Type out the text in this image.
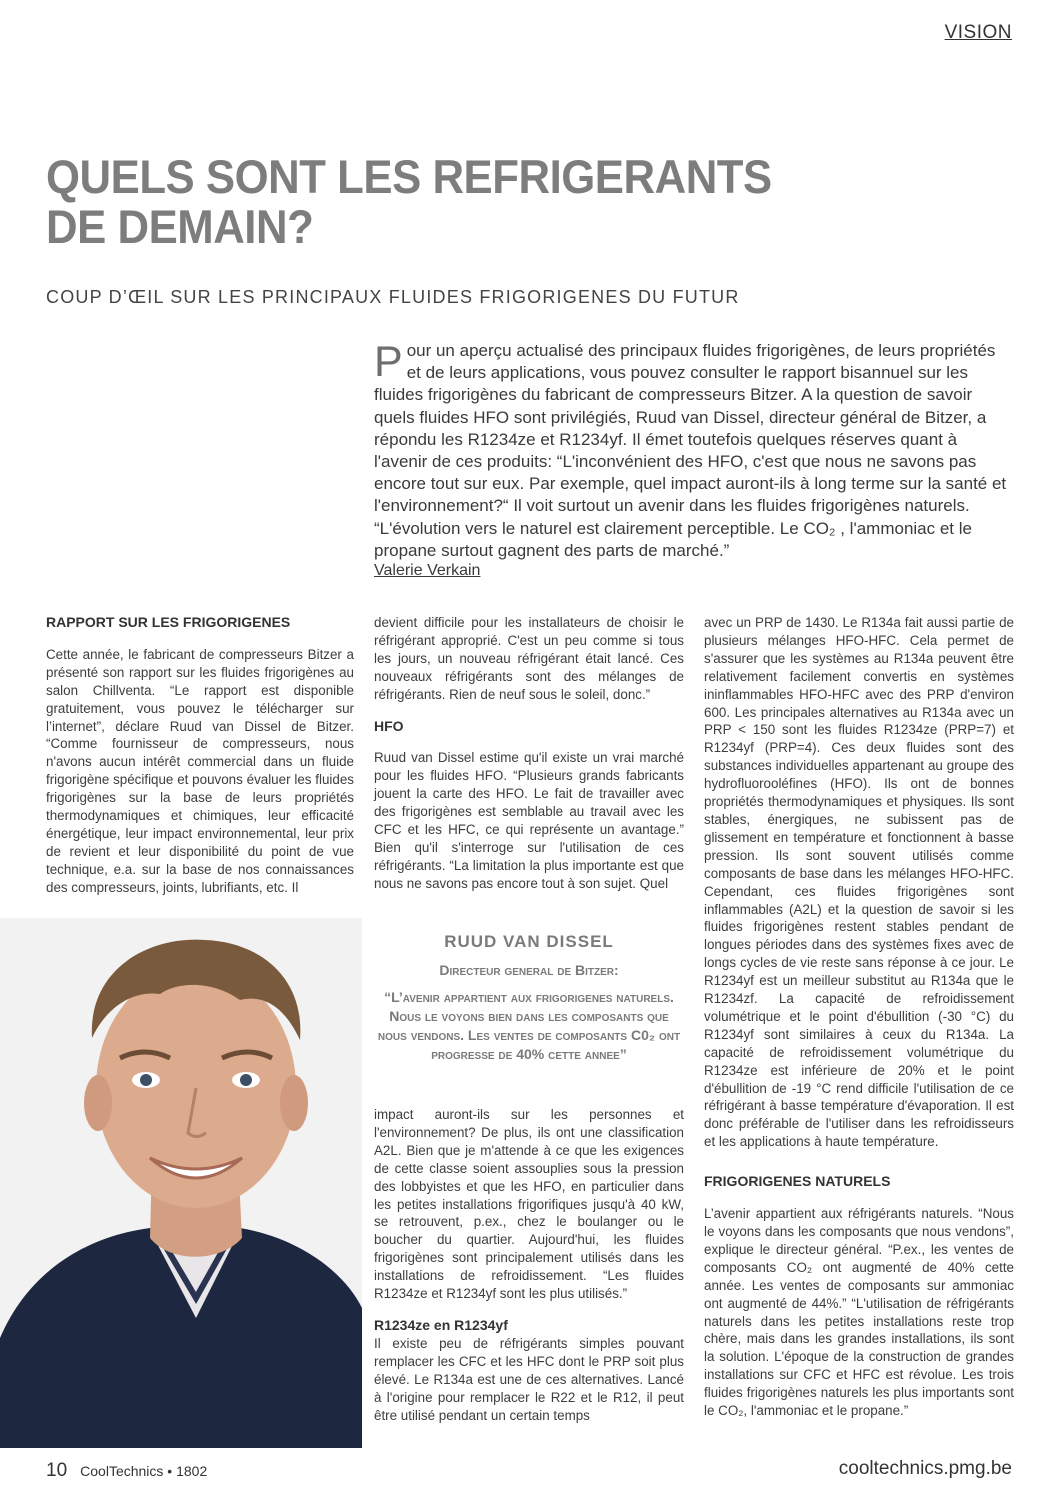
VISION
QUELS SONT LES REFRIGERANTS
DE DEMAIN?
COUP D’ŒIL SUR LES PRINCIPAUX FLUIDES FRIGORIGENES DU FUTUR
P our un aperçu actualisé des principaux fluides frigorigènes, de leurs propriétés et de leurs applications, vous pouvez consulter le rapport bisannuel sur les fluides frigorigènes du fabricant de compresseurs Bitzer. A la question de savoir quels fluides HFO sont privilégiés, Ruud van Dissel, directeur général de Bitzer, a répondu les R1234ze et R1234yf. Il émet toutefois quelques réserves quant à l'avenir de ces produits: “L'inconvénient des HFO, c'est que nous ne savons pas encore tout sur eux. Par exemple, quel impact auront-ils à long terme sur la santé et l'environnement?“ Il voit surtout un avenir dans les fluides frigorigènes naturels. “L'évolution vers le naturel est clairement perceptible. Le CO₂ , l'ammoniac et le propane surtout gagnent des parts de marché.”
Valerie Verkain

RAPPORT SUR LES FRIGORIGENES

Cette année, le fabricant de compresseurs Bitzer a présenté son rapport sur les fluides frigorigènes au salon Chillventa. “Le rapport est disponible gratuitement, vous pouvez le télécharger sur l’internet”, déclare Ruud van Dissel de Bitzer. “Comme fournisseur de compresseurs, nous n'avons aucun intérêt commercial dans un fluide frigorigène spécifique et pouvons évaluer les fluides frigorigènes sur la base de leurs propriétés thermodynamiques et chimiques, leur efficacité énergétique, leur impact environnemental, leur prix de revient et leur disponibilité du point de vue technique, e.a. sur la base de nos connaissances des compresseurs, joints, lubrifiants, etc. Il

devient difficile pour les installateurs de choisir le réfrigérant approprié. C'est un peu comme si tous les jours, un nouveau réfrigérant était lancé. Ces nouveaux réfrigérants sont des mélanges de réfrigérants. Rien de neuf sous le soleil, donc.”

HFO

Ruud van Dissel estime qu'il existe un vrai marché pour les fluides HFO. “Plusieurs grands fabricants jouent la carte des HFO. Le fait de travailler avec des frigorigènes est semblable au travail avec les CFC et les HFC, ce qui représente un avantage.” Bien qu'il s'interroge sur l'utilisation de ces réfrigérants. “La limitation la plus importante est que nous ne savons pas encore tout à son sujet. Quel

RUUD VAN DISSEL

Directeur general de Bitzer:

“L’avenir appartient aux frigorigenes naturels. Nous le voyons bien dans les composants que nous vendons. Les ventes de composants C0₂ ont progresse de 40% cette annee”

impact auront-ils sur les personnes et l'environnement? De plus, ils ont une classification A2L. Bien que je m'attende à ce que les exigences de cette classe soient assouplies sous la pression des lobbyistes et que les HFO, en particulier dans les petites installations frigorifiques jusqu'à 40 kW, se retrouvent, p.ex., chez le boulanger ou le boucher du quartier. Aujourd'hui, les fluides frigorigènes sont principalement utilisés dans les installations de refroidissement. “Les fluides R1234ze et R1234yf sont les plus utilisés.”

R1234ze en R1234yf

Il existe peu de réfrigérants simples pouvant remplacer les CFC et les HFC dont le PRP soit plus élevé. Le R134a est une de ces alternatives. Lancé à l'origine pour remplacer le R22 et le R12, il peut être utilisé pendant un certain temps

avec un PRP de 1430. Le R134a fait aussi partie de plusieurs mélanges HFO-HFC. Cela permet de s'assurer que les systèmes au R134a peuvent être relativement facilement convertis en systèmes ininflammables HFO-HFC avec des PRP d'environ 600. Les principales alternatives au R134a avec un PRP < 150 sont les fluides R1234ze (PRP=7) et R1234yf (PRP=4). Ces deux fluides sont des substances individuelles appartenant au groupe des hydrofluorooléfines (HFO). Ils ont de bonnes propriétés thermodynamiques et physiques. Ils sont stables, énergiques, ne subissent pas de glissement en température et fonctionnent à basse pression. Ils sont souvent utilisés comme composants de base dans les mélanges HFO-HFC. Cependant, ces fluides frigorigènes sont inflammables (A2L) et la question de savoir si les fluides frigorigènes restent stables pendant de longues périodes dans des systèmes fixes avec de longs cycles de vie reste sans réponse à ce jour. Le R1234yf est un meilleur substitut au R134a que le R1234zf. La capacité de refroidissement volumétrique et le point d'ébullition (-30 °C) du R1234yf sont similaires à ceux du R134a. La capacité de refroidissement volumétrique du R1234ze est inférieure de 20% et le point d'ébullition de -19 °C rend difficile l'utilisation de ce réfrigérant à basse température d'évaporation. Il est donc préférable de l'utiliser dans les refroidisseurs et les applications à haute température.

FRIGORIGENES NATURELS

L’avenir appartient aux réfrigérants naturels. “Nous le voyons dans les composants que nous vendons”, explique le directeur général. “P.ex., les ventes de composants CO₂ ont augmenté de 40% cette année. Les ventes de composants sur ammoniac ont augmenté de 44%.” “L'utilisation de réfrigérants naturels dans les petites installations reste trop chère, mais dans les grandes installations, ils sont la solution. L'époque de la construction de grandes installations sur CFC et HFC est révolue. Les trois fluides frigorigènes naturels les plus importants sont le CO₂, l'ammoniac et le propane.”

10 CoolTechnics • 1802	cooltechnics.pmg.be
